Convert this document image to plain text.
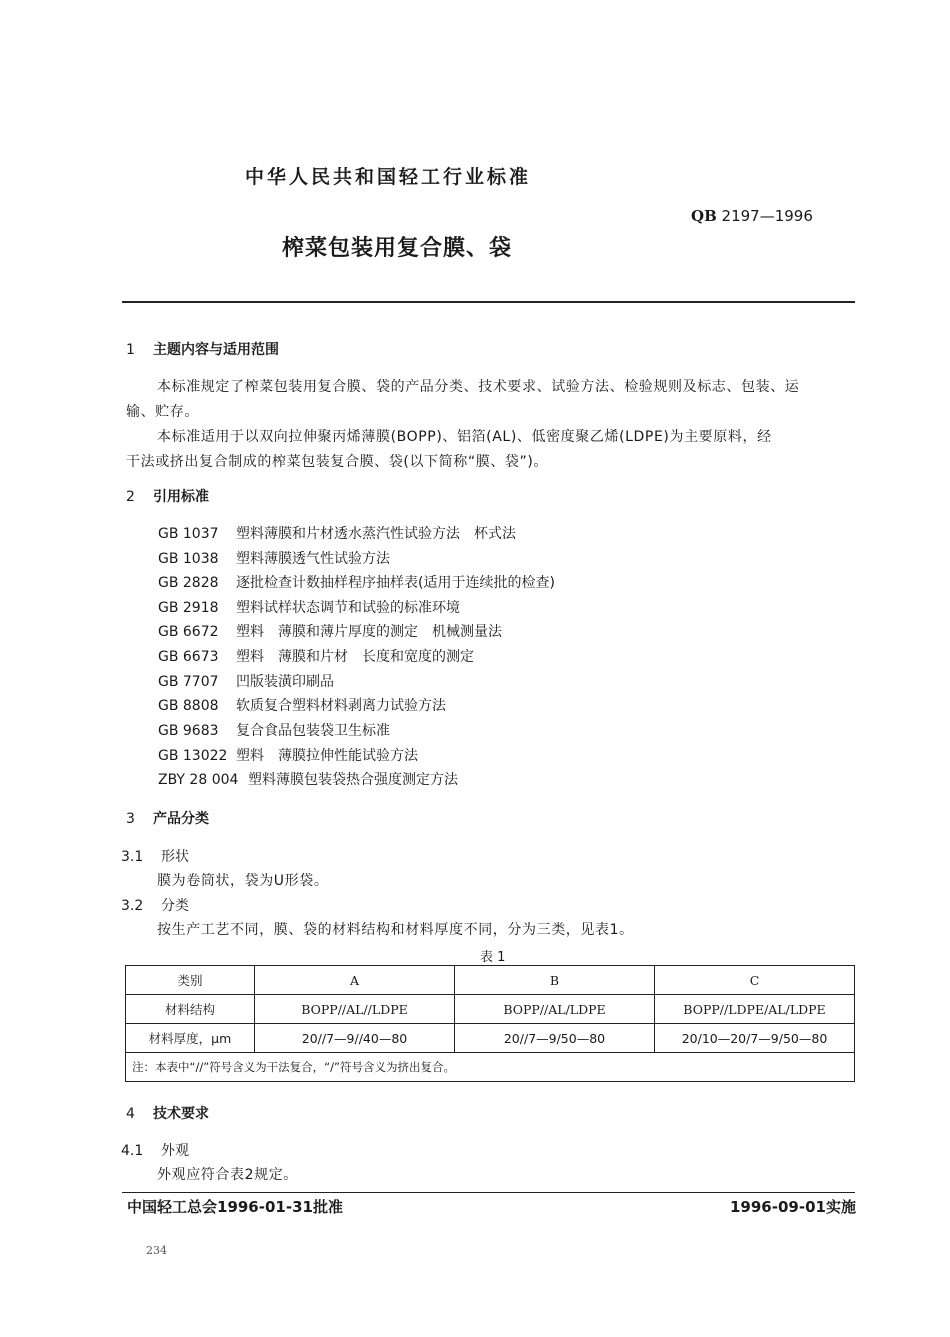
中华人民共和国轻工行业标准
QB 2197—1996
榨菜包装用复合膜、袋
1 主题内容与适用范围
本标准规定了榨菜包装用复合膜、袋的产品分类、技术要求、试验方法、检验规则及标志、包装、运
输、贮存。
本标准适用于以双向拉伸聚丙烯薄膜(BOPP)、铝箔(AL)、低密度聚乙烯(LDPE)为主要原料，经
干法或挤出复合制成的榨菜包装复合膜、袋(以下简称“膜、袋”)。
2 引用标准
GB 1037 塑料薄膜和片材透水蒸汽性试验方法　杯式法
GB 1038 塑料薄膜透气性试验方法
GB 2828 逐批检查计数抽样程序抽样表(适用于连续批的检查)
GB 2918 塑料试样状态调节和试验的标准环境
GB 6672 塑料　薄膜和薄片厚度的测定　机械测量法
GB 6673 塑料　薄膜和片材　长度和宽度的测定
GB 7707 凹版装潢印刷品
GB 8808 软质复合塑料材料剥离力试验方法
GB 9683 复合食品包装袋卫生标准
GB 13022 塑料　薄膜拉伸性能试验方法
ZBY 28 004 塑料薄膜包装袋热合强度测定方法
3 产品分类
3.1 形状
膜为卷筒状，袋为U形袋。
3.2 分类
按生产工艺不同，膜、袋的材料结构和材料厚度不同，分为三类，见表1。
表 1
类别	A	B	C
材料结构	BOPP//AL//LDPE	BOPP//AL/LDPE	BOPP//LDPE/AL/LDPE
材料厚度，μm	20//7—9//40—80	20//7—9/50—80	20/10—20/7—9/50—80
注：本表中“//”符号含义为干法复合，“/”符号含义为挤出复合。			
4 技术要求
4.1 外观
外观应符合表2规定。
中国轻工总会1996-01-31批准	1996-09-01实施
234
